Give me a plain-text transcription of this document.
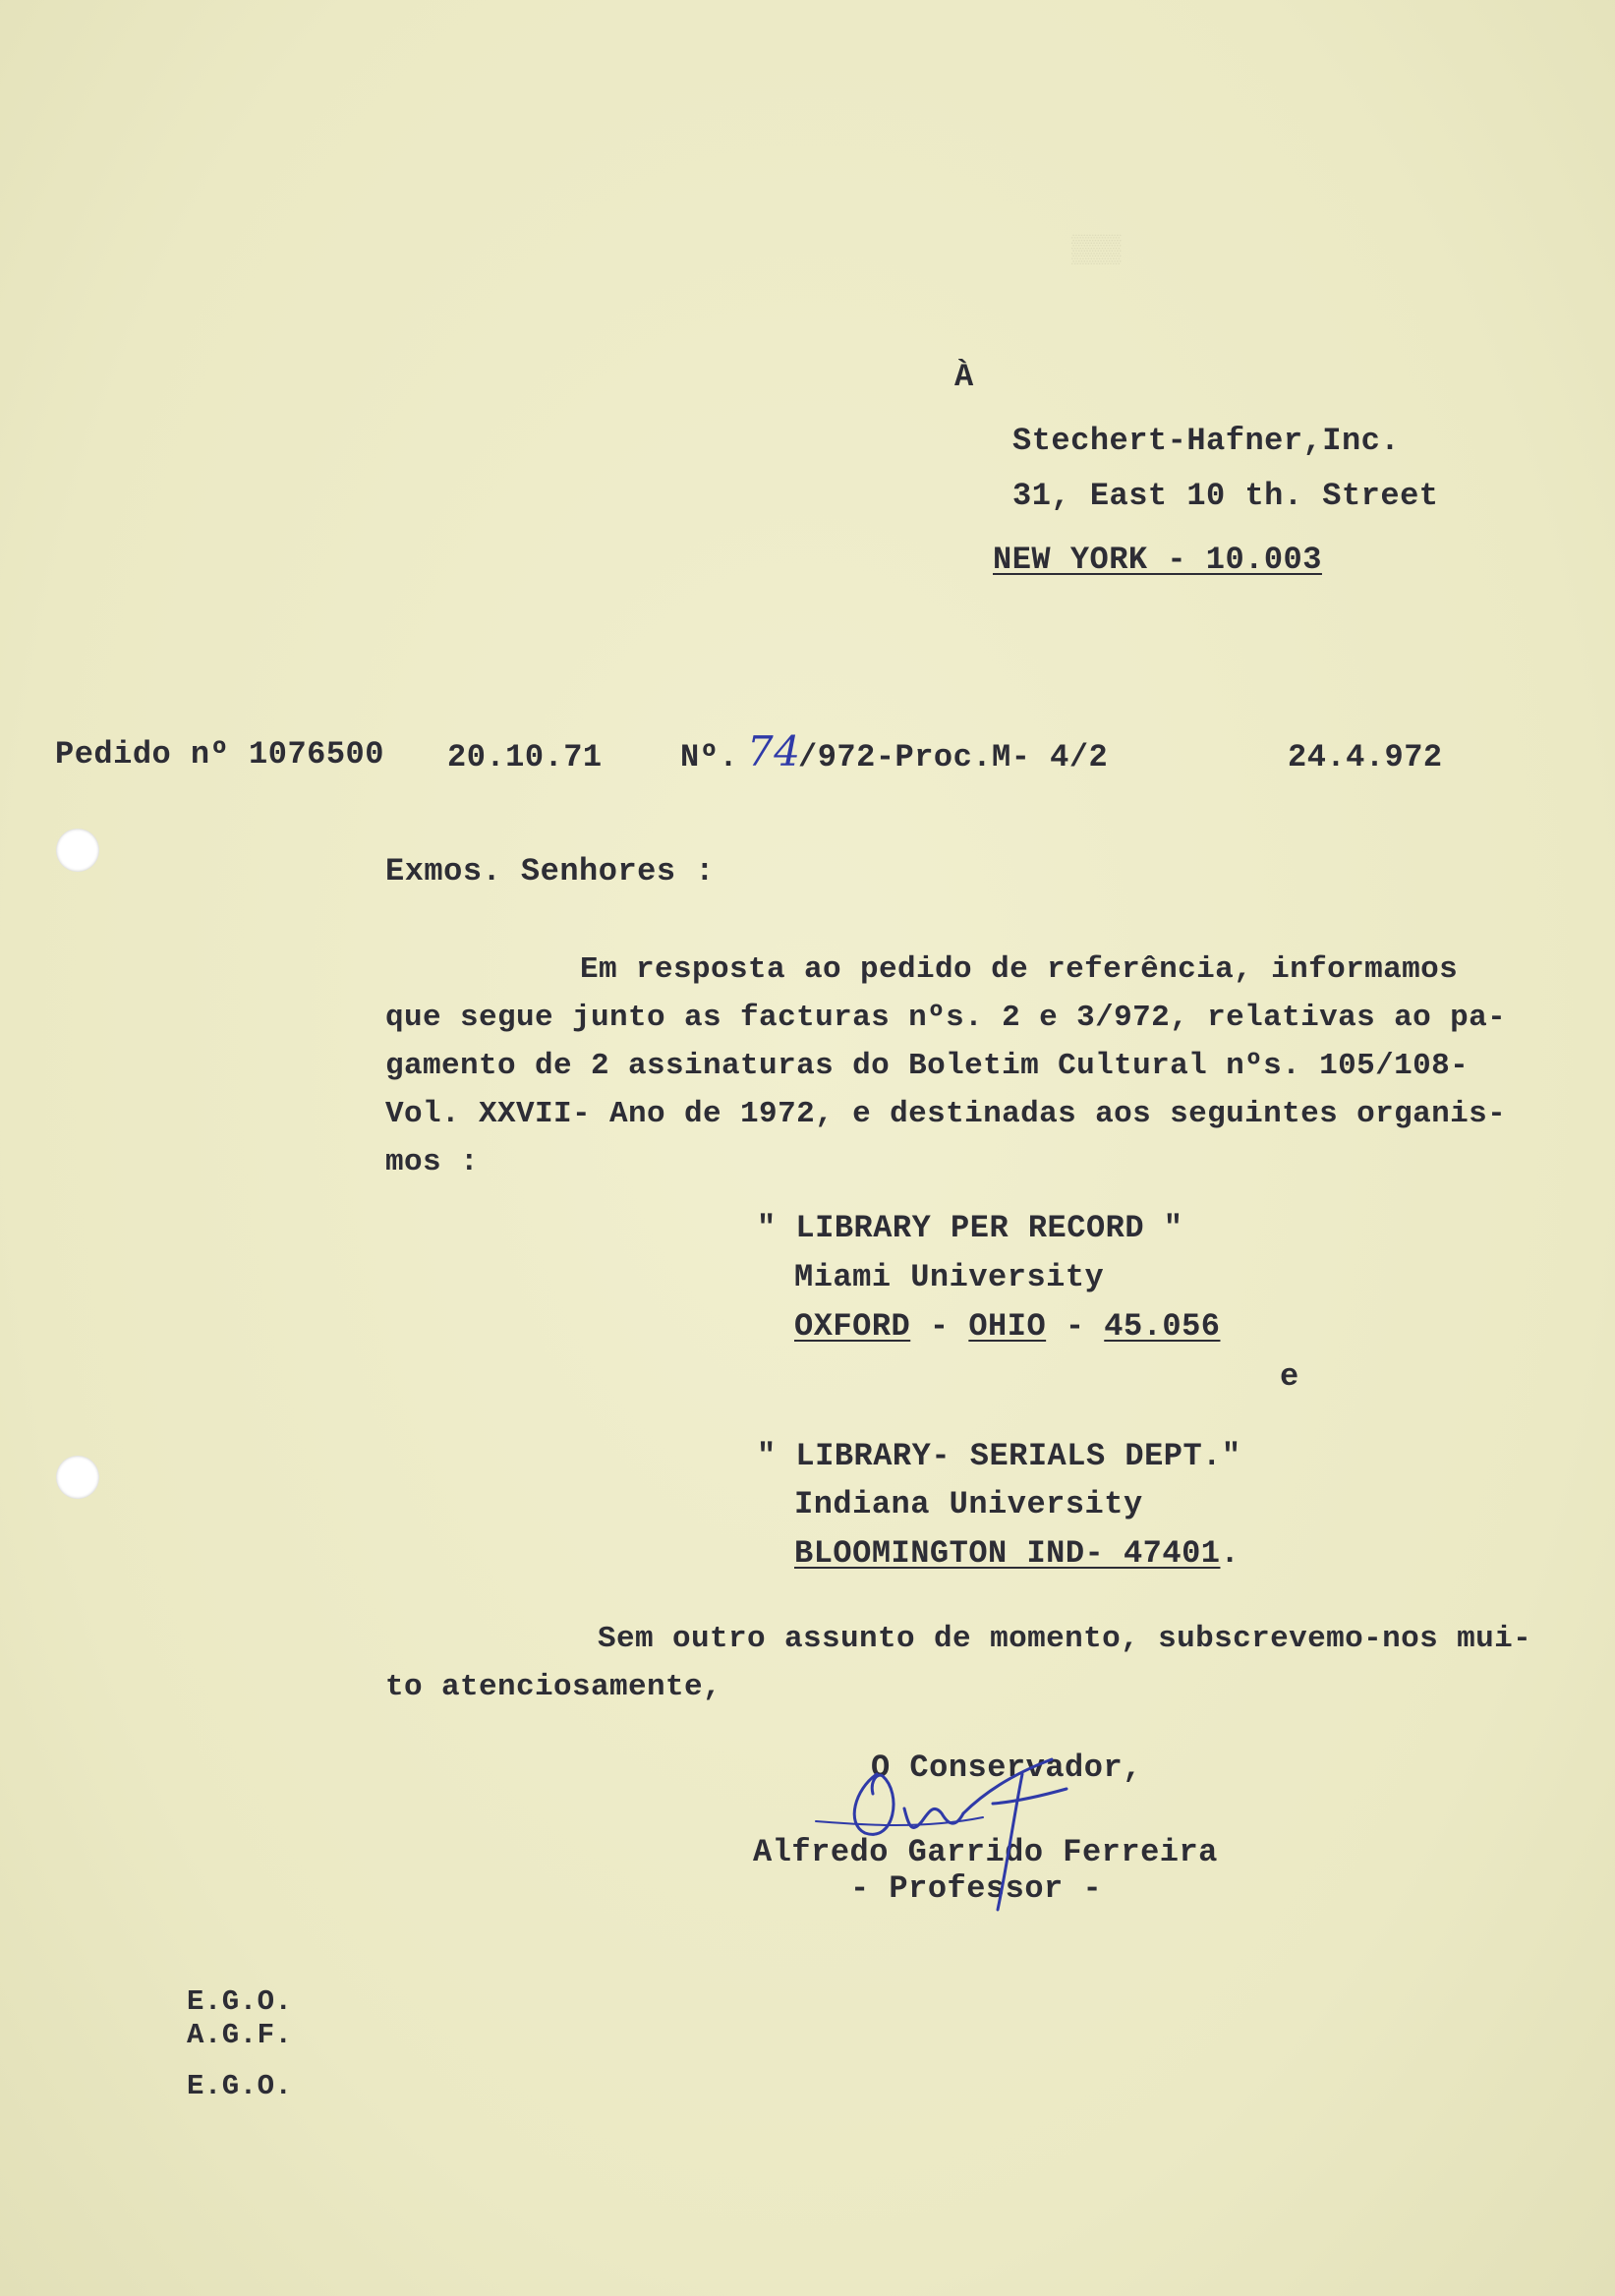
▒▒▒
À
Stechert-Hafner,Inc.
31, East 10 th. Street
NEW YORK - 10.003
Pedido nº 1076500 20.10.71 Nº. 74
/972-Proc.M- 4/2	24.4.972
Exmos. Senhores :
Em resposta ao pedido de referência, informamos
que segue junto as facturas nºs. 2 e 3/972, relativas ao pa-
gamento de 2 assinaturas do Boletim Cultural nºs. 105/108-
Vol. XXVII- Ano de 1972, e destinadas aos seguintes organis-
mos :
" LIBRARY PER RECORD "
Miami University
OXFORD - OHIO - 45.056
e
" LIBRARY- SERIALS DEPT."
Indiana University
BLOOMINGTON IND- 47401.
Sem outro assunto de momento, subscrevemo-nos mui-
to atenciosamente,
O Conservador,
Alfredo Garrido Ferreira
- Professor -
E.G.O.
A.G.F.
E.G.O.
